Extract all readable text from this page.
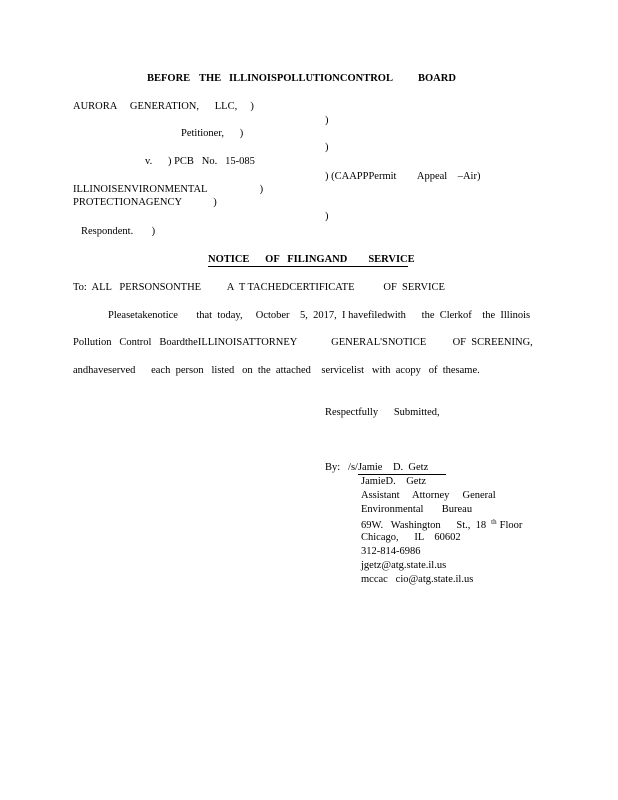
BEFORE THE ILLINOISPOLLUTIONCONTROL BOARD
AURORA     GENERATION,      LLC,     )
)
Petitioner,      )
)
v.      ) PCB   No.   15-085
) (CAAPPPermit        Appeal    –Air)
ILLINOISENVIRONMENTAL                    )
PROTECTIONAGENCY            )
)
Respondent.       )
NOTICE      OF   FILINGAND        SERVICE
To:  ALL   PERSONSONTHE          A  T TACHEDCERTIFICATE           OF  SERVICE
Pleasetakenotice       that  today,     October    5,  2017,  I havefiledwith      the  Clerkof    the  Illinois
Pollution   Control   BoardtheILLINOISATTORNEY             GENERAL'SNOTICE          OF  SCREENING,
andhaveserved      each  person   listed   on  the  attached    servicelist   with  acopy   of  thesame.
Respectfully      Submitted,
By:   /s/Jamie    D.  Getz
JamieD.    Getz
Assistant     Attorney     General
Environmental       Bureau
69W.   Washington      St.,  18 $^{th}$ Floor
Chicago,      IL    60602
312-814-6986
jgetz@atg.state.il.us
mccac   cio@atg.state.il.us
